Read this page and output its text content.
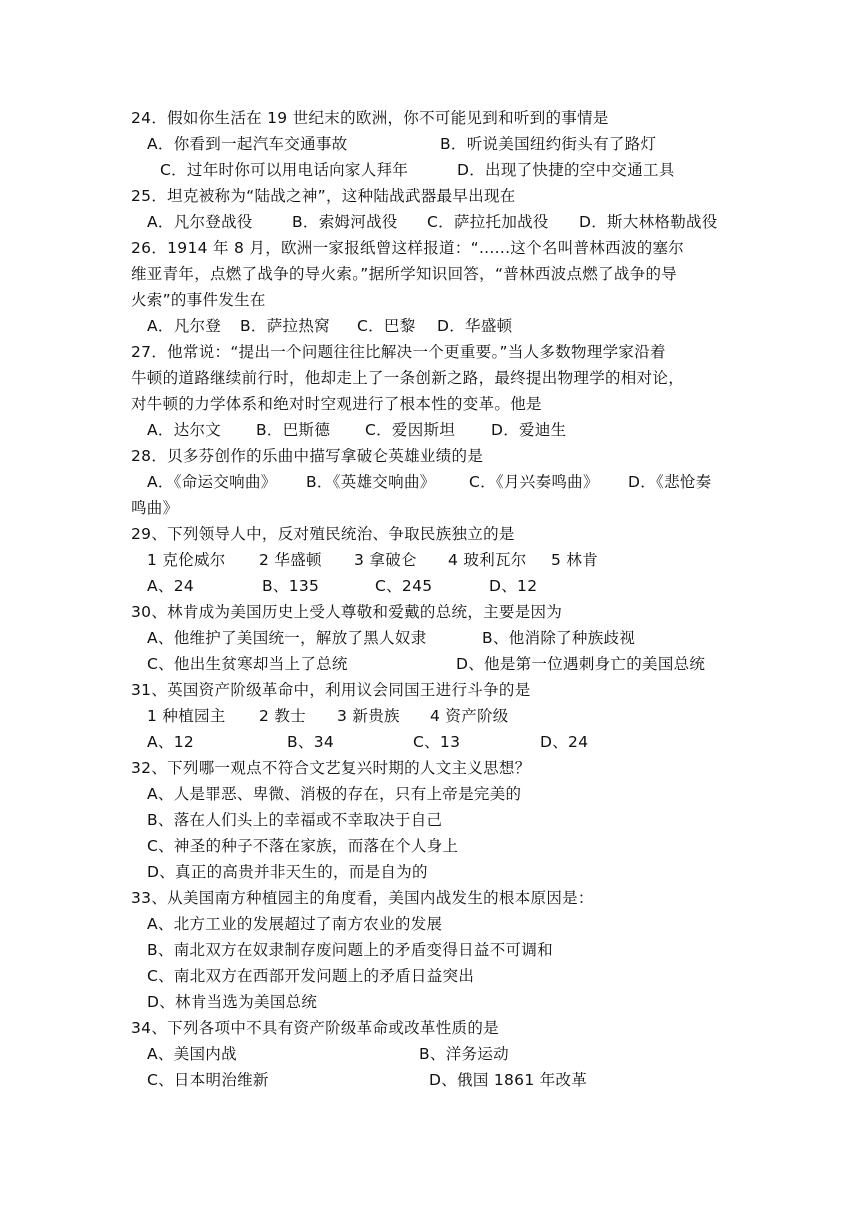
24．假如你生活在 19 世纪末的欧洲，你不可能见到和听到的事情是
A．你看到一起汽车交通事故	B．听说美国纽约街头有了路灯
C．过年时你可以用电话向家人拜年	D．出现了快捷的空中交通工具
25．坦克被称为“陆战之神”，这种陆战武器最早出现在
A．凡尔登战役	B．索姆河战役 C．萨拉托加战役 D．斯大林格勒战役
26．1914 年 8 月，欧洲一家报纸曾这样报道：“......这个名叫普林西波的塞尔
维亚青年，点燃了战争的导火索。”据所学知识回答，“普林西波点燃了战争的导
火索”的事件发生在
A．凡尔登 B．萨拉热窝 C．巴黎 D．华盛顿
27．他常说：“提出一个问题往往比解决一个更重要。”当人多数物理学家沿着
牛顿的道路继续前行时，他却走上了一条创新之路，最终提出物理学的相对论，
对牛顿的力学体系和绝对时空观进行了根本性的变革。他是
A．达尔文 B．巴斯德 C．爱因斯坦 D．爱迪生
28．贝多芬创作的乐曲中描写拿破仑英雄业绩的是
A．《命运交响曲》 B．《英雄交响曲》 C．《月兴奏鸣曲》 D．《悲怆奏
鸣曲》
29、下列领导人中，反对殖民统治、争取民族独立的是
1 克伦威尔 2 华盛顿 3 拿破仑 4 玻利瓦尔 5 林肯
A、24	B、135	C、245	D、12
30、林肯成为美国历史上受人尊敬和爱戴的总统，主要是因为
A、他维护了美国统一，解放了黑人奴隶	B、他消除了种族歧视
C、他出生贫寒却当上了总统	D、他是第一位遇刺身亡的美国总统
31、英国资产阶级革命中，利用议会同国王进行斗争的是
1 种植园主 2 教士 3 新贵族 4 资产阶级
A、12	B、34	C、13	D、24
32、下列哪一观点不符合文艺复兴时期的人文主义思想？
A、人是罪恶、卑微、消极的存在，只有上帝是完美的
B、落在人们头上的幸福或不幸取决于自己
C、神圣的种子不落在家族，而落在个人身上
D、真正的高贵并非天生的，而是自为的
33、从美国南方种植园主的角度看，美国内战发生的根本原因是：
A、北方工业的发展超过了南方农业的发展
B、南北双方在奴隶制存废问题上的矛盾变得日益不可调和
C、南北双方在西部开发问题上的矛盾日益突出
D、林肯当选为美国总统
34、下列各项中不具有资产阶级革命或改革性质的是
A、美国内战	B、洋务运动
C、日本明治维新	D、俄国 1861 年改革
